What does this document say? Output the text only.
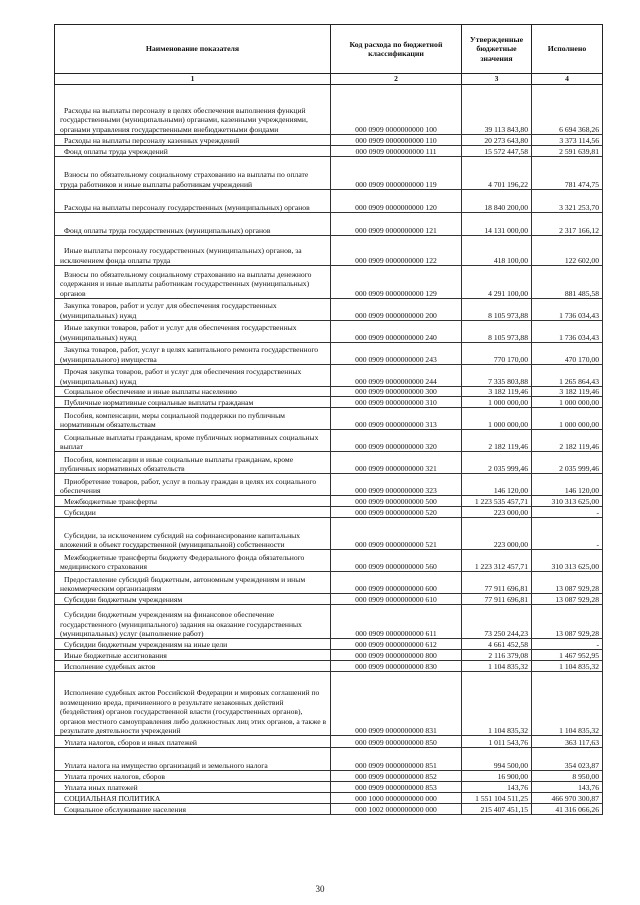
Наименование показателя	Код расхода по бюджетной классификации	Утвержденные бюджетные значения	Исполнено
1	2	3	4
Расходы на выплаты персоналу в целях обеспечения выполнения функций государственными (муниципальными) органами, казенными учреждениями, органами управления государственными внебюджетными фондами	000 0909 0000000000 100	39 113 843,80	6 694 368,26
Расходы на выплаты персоналу казенных учреждений	000 0909 0000000000 110	20 273 643,80	3 373 114,56
Фонд оплаты труда учреждений	000 0909 0000000000 111	15 572 447,58	2 591 639,81
Взносы по обязательному социальному страхованию на выплаты по оплате труда работников и иные выплаты работникам учреждений	000 0909 0000000000 119	4 701 196,22	781 474,75
Расходы на выплаты персоналу государственных (муниципальных) органов	000 0909 0000000000 120	18 840 200,00	3 321 253,70
Фонд оплаты труда государственных (муниципальных) органов	000 0909 0000000000 121	14 131 000,00	2 317 166,12
Иные выплаты персоналу государственных (муниципальных) органов, за исключением фонда оплаты труда	000 0909 0000000000 122	418 100,00	122 602,00
Взносы по обязательному социальному страхованию на выплаты денежного содержания и иные выплаты работникам государственных (муниципальных) органов	000 0909 0000000000 129	4 291 100,00	881 485,58
Закупка товаров, работ и услуг для обеспечения государственных (муниципальных) нужд	000 0909 0000000000 200	8 105 973,88	1 736 034,43
Иные закупки товаров, работ и услуг для обеспечения государственных (муниципальных) нужд	000 0909 0000000000 240	8 105 973,88	1 736 034,43
Закупка товаров, работ, услуг в целях капитального ремонта государственного (муниципального) имущества	000 0909 0000000000 243	770 170,00	470 170,00
Прочая закупка товаров, работ и услуг для обеспечения государственных (муниципальных) нужд	000 0909 0000000000 244	7 335 803,88	1 265 864,43
Социальное обеспечение и иные выплаты населению	000 0909 0000000000 300	3 182 119,46	3 182 119,46
Публичные нормативные социальные выплаты гражданам	000 0909 0000000000 310	1 000 000,00	1 000 000,00
Пособия, компенсации, меры социальной поддержки по публичным нормативным обязательствам	000 0909 0000000000 313	1 000 000,00	1 000 000,00
Социальные выплаты гражданам, кроме публичных нормативных социальных выплат	000 0909 0000000000 320	2 182 119,46	2 182 119,46
Пособия, компенсации и иные социальные выплаты гражданам, кроме публичных нормативных обязательств	000 0909 0000000000 321	2 035 999,46	2 035 999,46
Приобретение товаров, работ, услуг в пользу граждан в целях их социального обеспечения	000 0909 0000000000 323	146 120,00	146 120,00
Межбюджетные трансферты	000 0909 0000000000 500	1 223 535 457,71	310 313 625,00
Субсидии	000 0909 0000000000 520	223 000,00	-
Субсидии, за исключением субсидий на софинансирование капитальных вложений в объект государственной (муниципальной) собственности	000 0909 0000000000 521	223 000,00	-
Межбюджетные трансферты бюджету Федерального фонда обязательного медицинского страхования	000 0909 0000000000 560	1 223 312 457,71	310 313 625,00
Предоставление субсидий бюджетным, автономным учреждениям и иным некоммерческим организациям	000 0909 0000000000 600	77 911 696,81	13 087 929,28
Субсидии бюджетным учреждениям	000 0909 0000000000 610	77 911 696,81	13 087 929,28
Субсидии бюджетным учреждениям на финансовое обеспечение государственного (муниципального) задания на оказание государственных (муниципальных) услуг (выполнение работ)	000 0909 0000000000 611	73 250 244,23	13 087 929,28
Субсидии бюджетным учреждениям на иные цели	000 0909 0000000000 612	4 661 452,58	-
Иные бюджетные ассигнования	000 0909 0000000000 800	2 116 379,08	1 467 952,95
Исполнение судебных актов	000 0909 0000000000 830	1 104 835,32	1 104 835,32
Исполнение судебных актов Российской Федерации и мировых соглашений по возмещению вреда, причиненного в результате незаконных действий (бездействия) органов государственной власти (государственных органов), органов местного самоуправления либо должностных лиц этих органов, а также в результате деятельности учреждений	000 0909 0000000000 831	1 104 835,32	1 104 835,32
Уплата налогов, сборов и иных платежей	000 0909 0000000000 850	1 011 543,76	363 117,63
Уплата налога на имущество организаций и земельного налога	000 0909 0000000000 851	994 500,00	354 023,87
Уплата прочих налогов, сборов	000 0909 0000000000 852	16 900,00	8 950,00
Уплата иных платежей	000 0909 0000000000 853	143,76	143,76
СОЦИАЛЬНАЯ ПОЛИТИКА	000 1000 0000000000 000	1 551 104 511,25	466 970 300,87
Социальное обслуживание населения	000 1002 0000000000 000	215 407 451,15	41 316 066,26
30
